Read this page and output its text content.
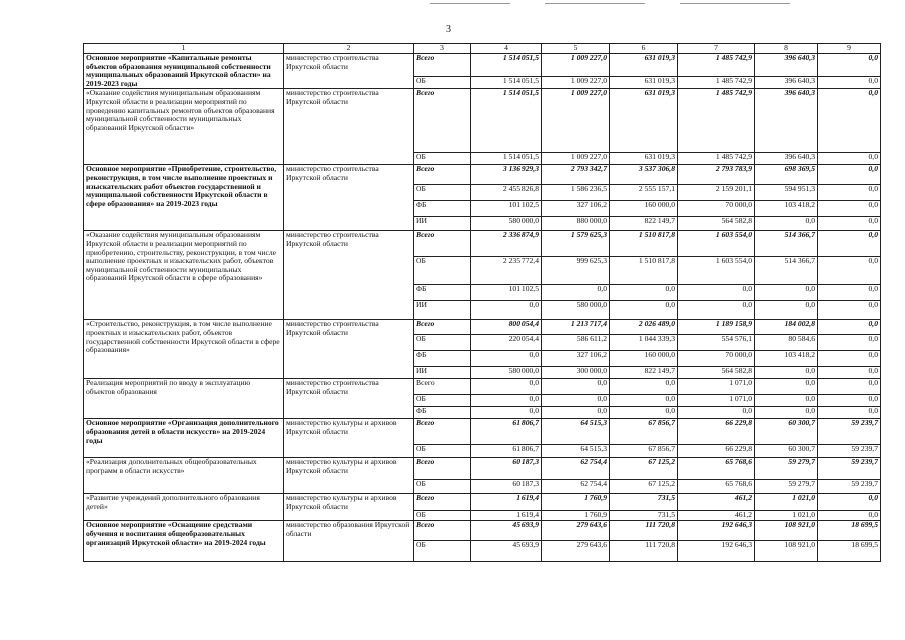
3
1	2	3	4	5	6	7	8	9
Основное мероприятие «Капитальные ремонты объектов образования муниципальной собственности муниципальных образований Иркутской области» на 2019-2023 годы	министерство строительства Иркутской области	Всего	1 514 051,5	1 009 227,0	631 019,3	1 485 742,9	396 640,3	0,0
		ОБ	1 514 051,5	1 009 227,0	631 019,3	1 485 742,9	396 640,3	0,0
«Оказание содействия муниципальным образованиям Иркутской области в реализации мероприятий по проведению капитальных ремонтов объектов образования муниципальной собственности муниципальных образований Иркутской области»	министерство строительства Иркутской области	Всего	1 514 051,5	1 009 227,0	631 019,3	1 485 742,9	396 640,3	0,0
		ОБ	1 514 051,5	1 009 227,0	631 019,3	1 485 742,9	396 640,3	0,0
Основное мероприятие «Приобретение, строительство, реконструкция, в том числе выполнение проектных и изыскательских работ объектов государственной и муниципальной собственности Иркутской области в сфере образования» на 2019-2023 годы	министерство строительства Иркутской области	Всего	3 136 929,3	2 793 342,7	3 537 306,8	2 793 783,9	698 369,5	0,0
		ОБ	2 455 826,8	1 586 236,5	2 555 157,1	2 159 201,1	594 951,3	0,0
		ФБ	101 102,5	327 106,2	160 000,0	70 000,0	103 418,2	0,0
		ИИ	580 000,0	880 000,0	822 149,7	564 582,8	0,0	0,0
«Оказание содействия муниципальным образованиям Иркутской области в реализации мероприятий по приобретению, строительству, реконструкции, в том числе выполнение проектных и изыскательских работ, объектов муниципальной собственности муниципальных образований Иркутской области в сфере образования»	министерство строительства Иркутской области	Всего	2 336 874,9	1 579 625,3	1 510 817,8	1 603 554,0	514 366,7	0,0
		ОБ	2 235 772,4	999 625,3	1 510 817,8	1 603 554,0	514 366,7	0,0
		ФБ	101 102,5	0,0	0,0	0,0	0,0	0,0
		ИИ	0,0	580 000,0	0,0	0,0	0,0	0,0
«Строительство, реконструкция, в том числе выполнение проектных и изыскательских работ, объектов государственной собственности Иркутской области в сфере образования»	министерство строительства Иркутской области	Всего	800 054,4	1 213 717,4	2 026 489,0	1 189 158,9	184 002,8	0,0
		ОБ	220 054,4	586 611,2	1 044 339,3	554 576,1	80 584,6	0,0
		ФБ	0,0	327 106,2	160 000,0	70 000,0	103 418,2	0,0
		ИИ	580 000,0	300 000,0	822 149,7	564 582,8	0,0	0,0
Реализация мероприятий по вводу в эксплуатацию объектов образования	министерство строительства Иркутской области	Всего	0,0	0,0	0,0	1 071,0	0,0	0,0
		ОБ	0,0	0,0	0,0	1 071,0	0,0	0,0
		ФБ	0,0	0,0	0,0	0,0	0,0	0,0
Основное мероприятие «Организация дополнительного образования детей в области искусств» на 2019-2024 годы	министерство культуры и архивов Иркутской области	Всего	61 806,7	64 515,3	67 856,7	66 229,8	60 300,7	59 239,7
		ОБ	61 806,7	64 515,3	67 856,7	66 229,8	60 300,7	59 239,7
«Реализация дополнительных общеобразовательных программ в области искусств»	министерство культуры и архивов Иркутской области	Всего	60 187,3	62 754,4	67 125,2	65 768,6	59 279,7	59 239,7
		ОБ	60 187,3	62 754,4	67 125,2	65 768,6	59 279,7	59 239,7
«Развитие учреждений дополнительного образования детей»	министерство культуры и архивов Иркутской области	Всего	1 619,4	1 760,9	731,5	461,2	1 021,0	0,0
		ОБ	1 619,4	1 760,9	731,5	461,2	1 021,0	0,0
Основное мероприятие «Оснащение средствами обучения и воспитания общеобразовательных организаций Иркутской области» на 2019-2024 годы	министерство образования Иркутской области	Всего	45 693,9	279 643,6	111 720,8	192 646,3	108 921,0	18 699,5
		ОБ	45 693,9	279 643,6	111 720,8	192 646,3	108 921,0	18 699,5
